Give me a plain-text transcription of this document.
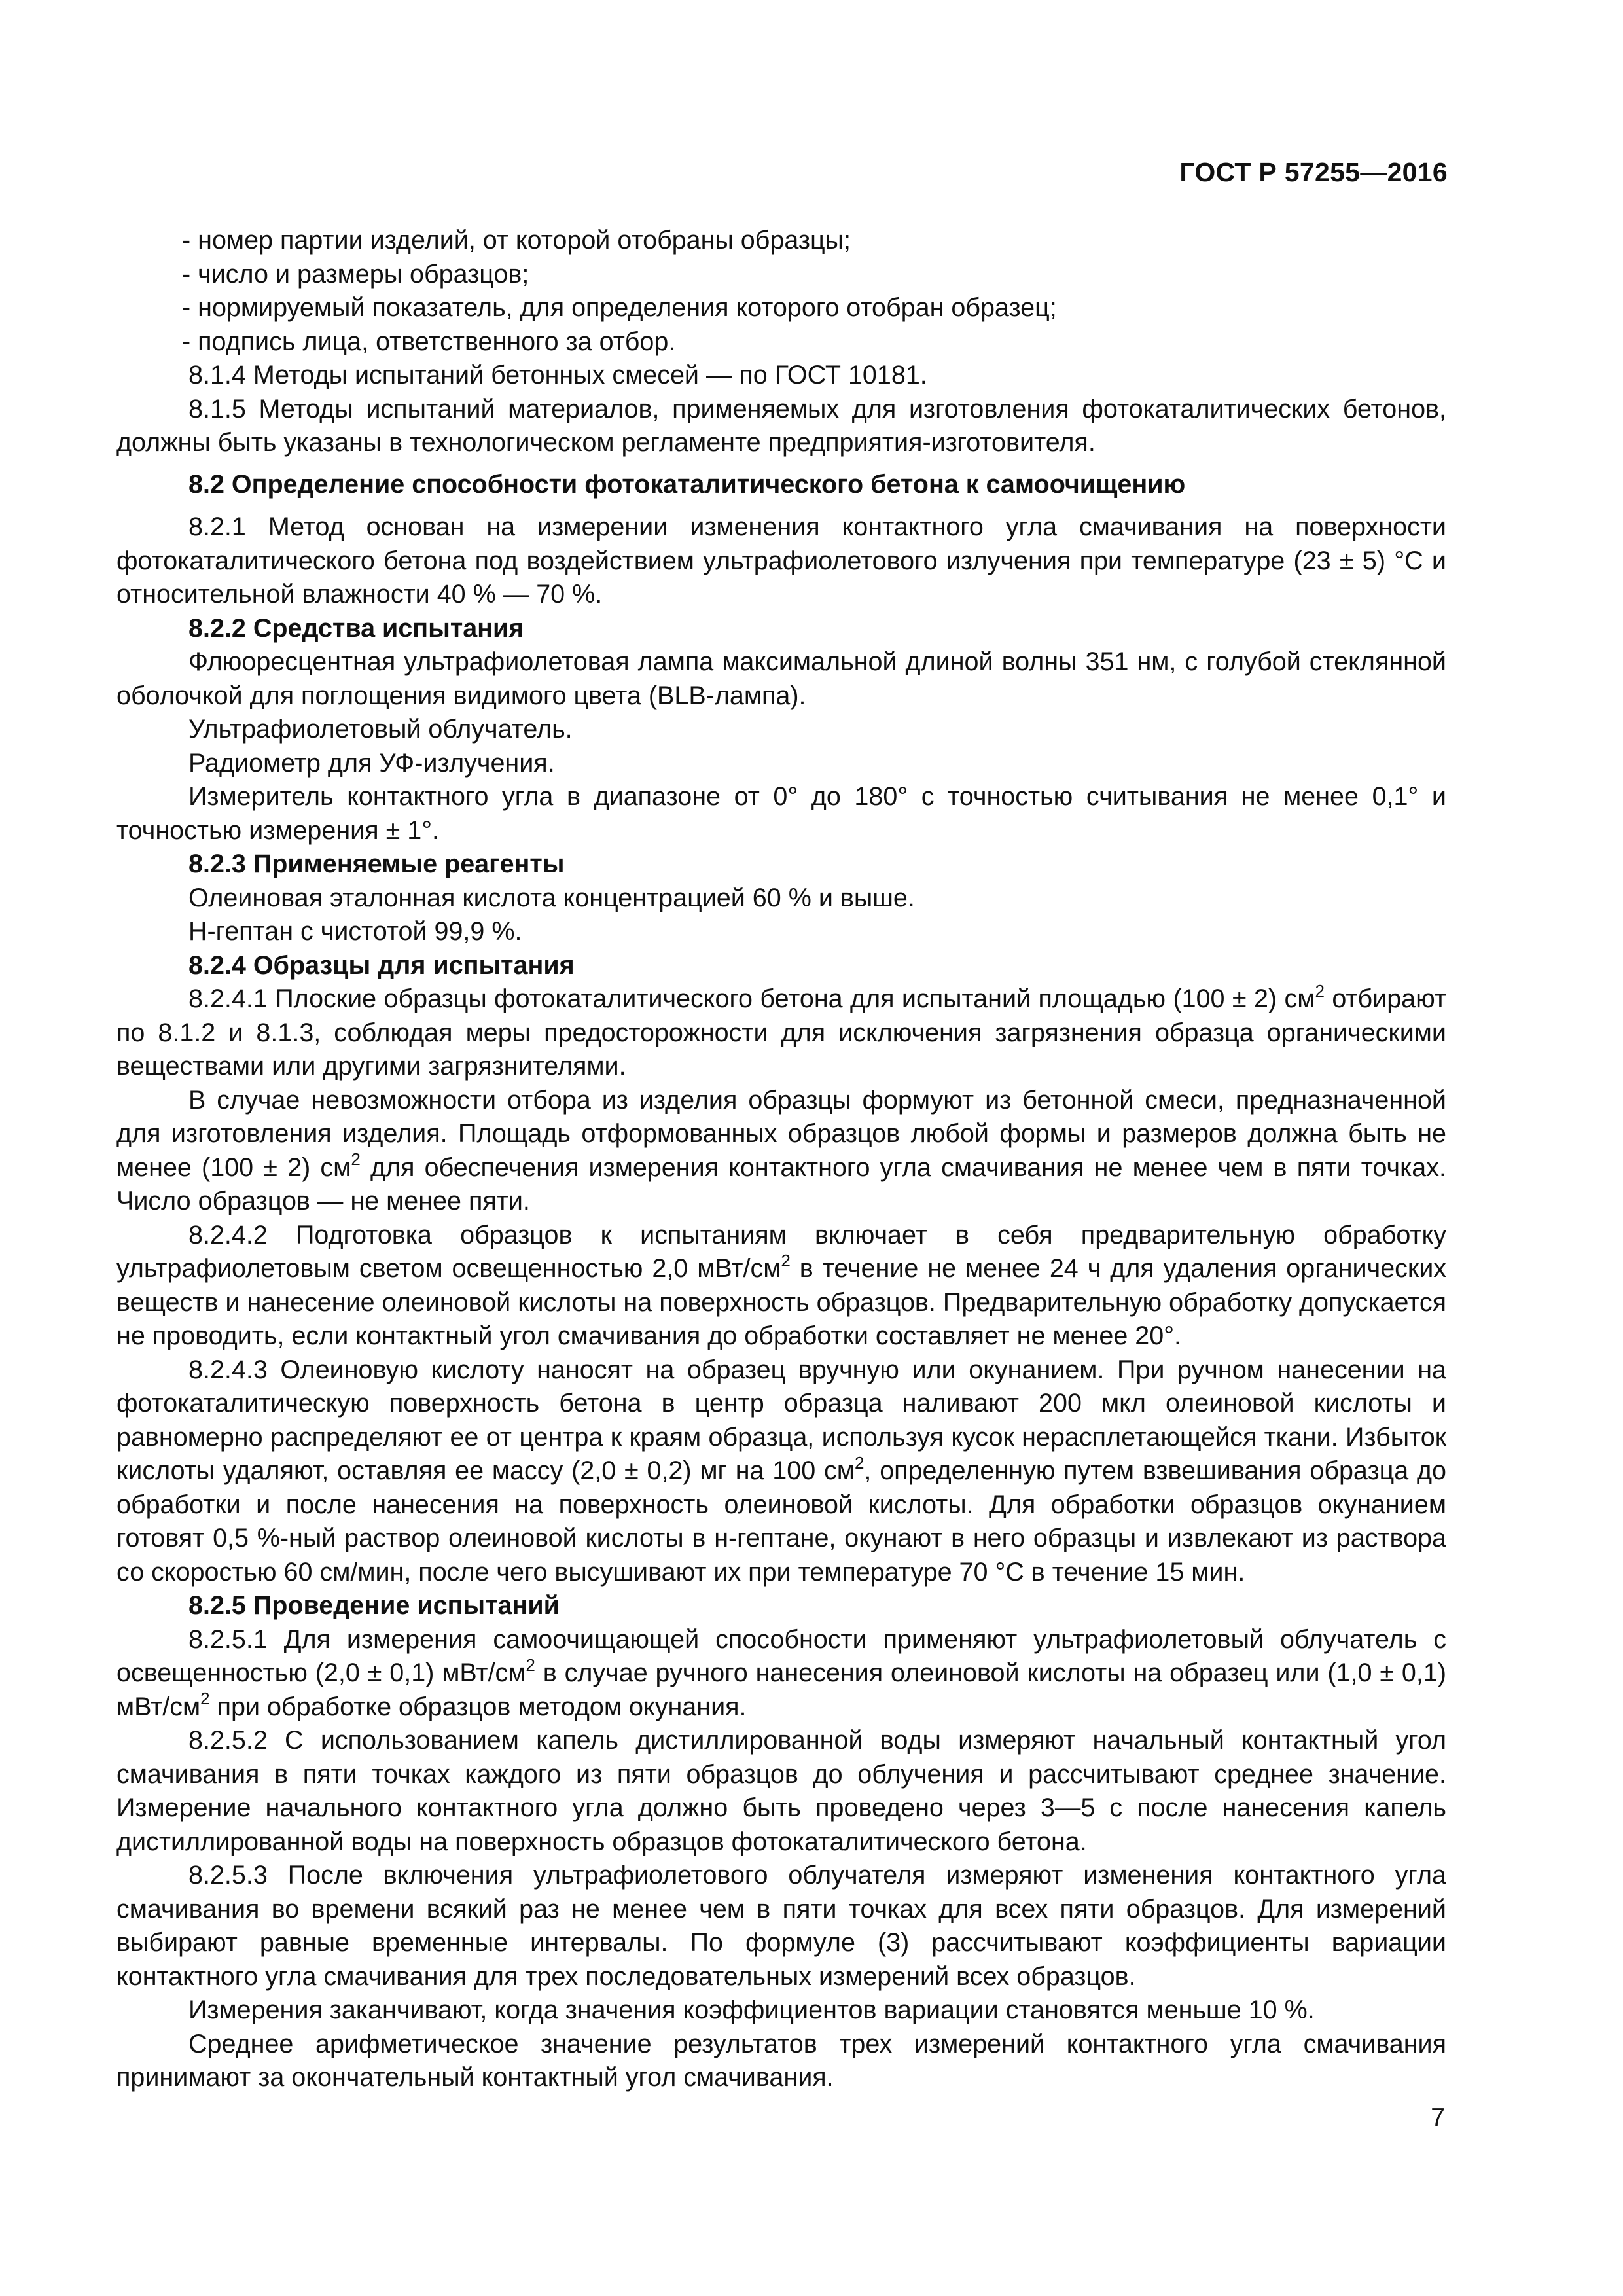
ГОСТ Р 57255—2016

- номер партии изделий, от которой отобраны образцы;

- число и размеры образцов;

- нормируемый показатель, для определения которого отобран образец;

- подпись лица, ответственного за отбор.

8.1.4 Методы испытаний бетонных смесей — по ГОСТ 10181.

8.1.5 Методы испытаний материалов, применяемых для изготовления фотокаталитических бетонов, должны быть указаны в технологическом регламенте предприятия-изготовителя.

8.2 Определение способности фотокаталитического бетона к самоочищению

8.2.1 Метод основан на измерении изменения контактного угла смачивания на поверхности фотокаталитического бетона под воздействием ультрафиолетового излучения при температуре (23 ± 5) °С и относительной влажности 40 % — 70 %.

8.2.2 Средства испытания

Флюоресцентная ультрафиолетовая лампа максимальной длиной волны 351 нм, с голубой стеклянной оболочкой для поглощения видимого цвета (BLB-лампа).

Ультрафиолетовый облучатель.

Радиометр для УФ-излучения.

Измеритель контактного угла в диапазоне от 0° до 180° с точностью считывания не менее 0,1° и точностью измерения ± 1°.

8.2.3 Применяемые реагенты

Олеиновая эталонная кислота концентрацией 60 % и выше.

Н-гептан с чистотой 99,9 %.

8.2.4 Образцы для испытания

8.2.4.1 Плоские образцы фотокаталитического бетона для испытаний площадью (100 ± 2) $см^2$ отбирают по 8.1.2 и 8.1.3, соблюдая меры предосторожности для исключения загрязнения образца органическими веществами или другими загрязнителями.

В случае невозможности отбора из изделия образцы формуют из бетонной смеси, предназначенной для изготовления изделия. Площадь отформованных образцов любой формы и размеров должна быть не менее (100 ± 2) $см^2$ для обеспечения измерения контактного угла смачивания не менее чем в пяти точках. Число образцов — не менее пяти.

8.2.4.2 Подготовка образцов к испытаниям включает в себя предварительную обработку ультрафиолетовым светом освещенностью 2,0 мВт/$см^2$ в течение не менее 24 ч для удаления органических веществ и нанесение олеиновой кислоты на поверхность образцов. Предварительную обработку допускается не проводить, если контактный угол смачивания до обработки составляет не менее 20°.

8.2.4.3 Олеиновую кислоту наносят на образец вручную или окунанием. При ручном нанесении на фотокаталитическую поверхность бетона в центр образца наливают 200 мкл олеиновой кислоты и равномерно распределяют ее от центра к краям образца, используя кусок нерасплетающейся ткани. Избыток кислоты удаляют, оставляя ее массу (2,0 ± 0,2) мг на 100 $см^2$, определенную путем взвешивания образца до обработки и после нанесения на поверхность олеиновой кислоты. Для обработки образцов окунанием готовят 0,5 %-ный раствор олеиновой кислоты в н-гептане, окунают в него образцы и извлекают из раствора со скоростью 60 см/мин, после чего высушивают их при температуре 70 °С в течение 15 мин.

8.2.5 Проведение испытаний

8.2.5.1 Для измерения самоочищающей способности применяют ультрафиолетовый облучатель с освещенностью (2,0 ± 0,1) мВт/$см^2$ в случае ручного нанесения олеиновой кислоты на образец или (1,0 ± 0,1) мВт/$см^2$ при обработке образцов методом окунания.

8.2.5.2 С использованием капель дистиллированной воды измеряют начальный контактный угол смачивания в пяти точках каждого из пяти образцов до облучения и рассчитывают среднее значение. Измерение начального контактного угла должно быть проведено через 3—5 с после нанесения капель дистиллированной воды на поверхность образцов фотокаталитического бетона.

8.2.5.3 После включения ультрафиолетового облучателя измеряют изменения контактного угла смачивания во времени всякий раз не менее чем в пяти точках для всех пяти образцов. Для измерений выбирают равные временные интервалы. По формуле (3) рассчитывают коэффициенты вариации контактного угла смачивания для трех последовательных измерений всех образцов.

Измерения заканчивают, когда значения коэффициентов вариации становятся меньше 10 %.

Среднее арифметическое значение результатов трех измерений контактного угла смачивания принимают за окончательный контактный угол смачивания.

7
